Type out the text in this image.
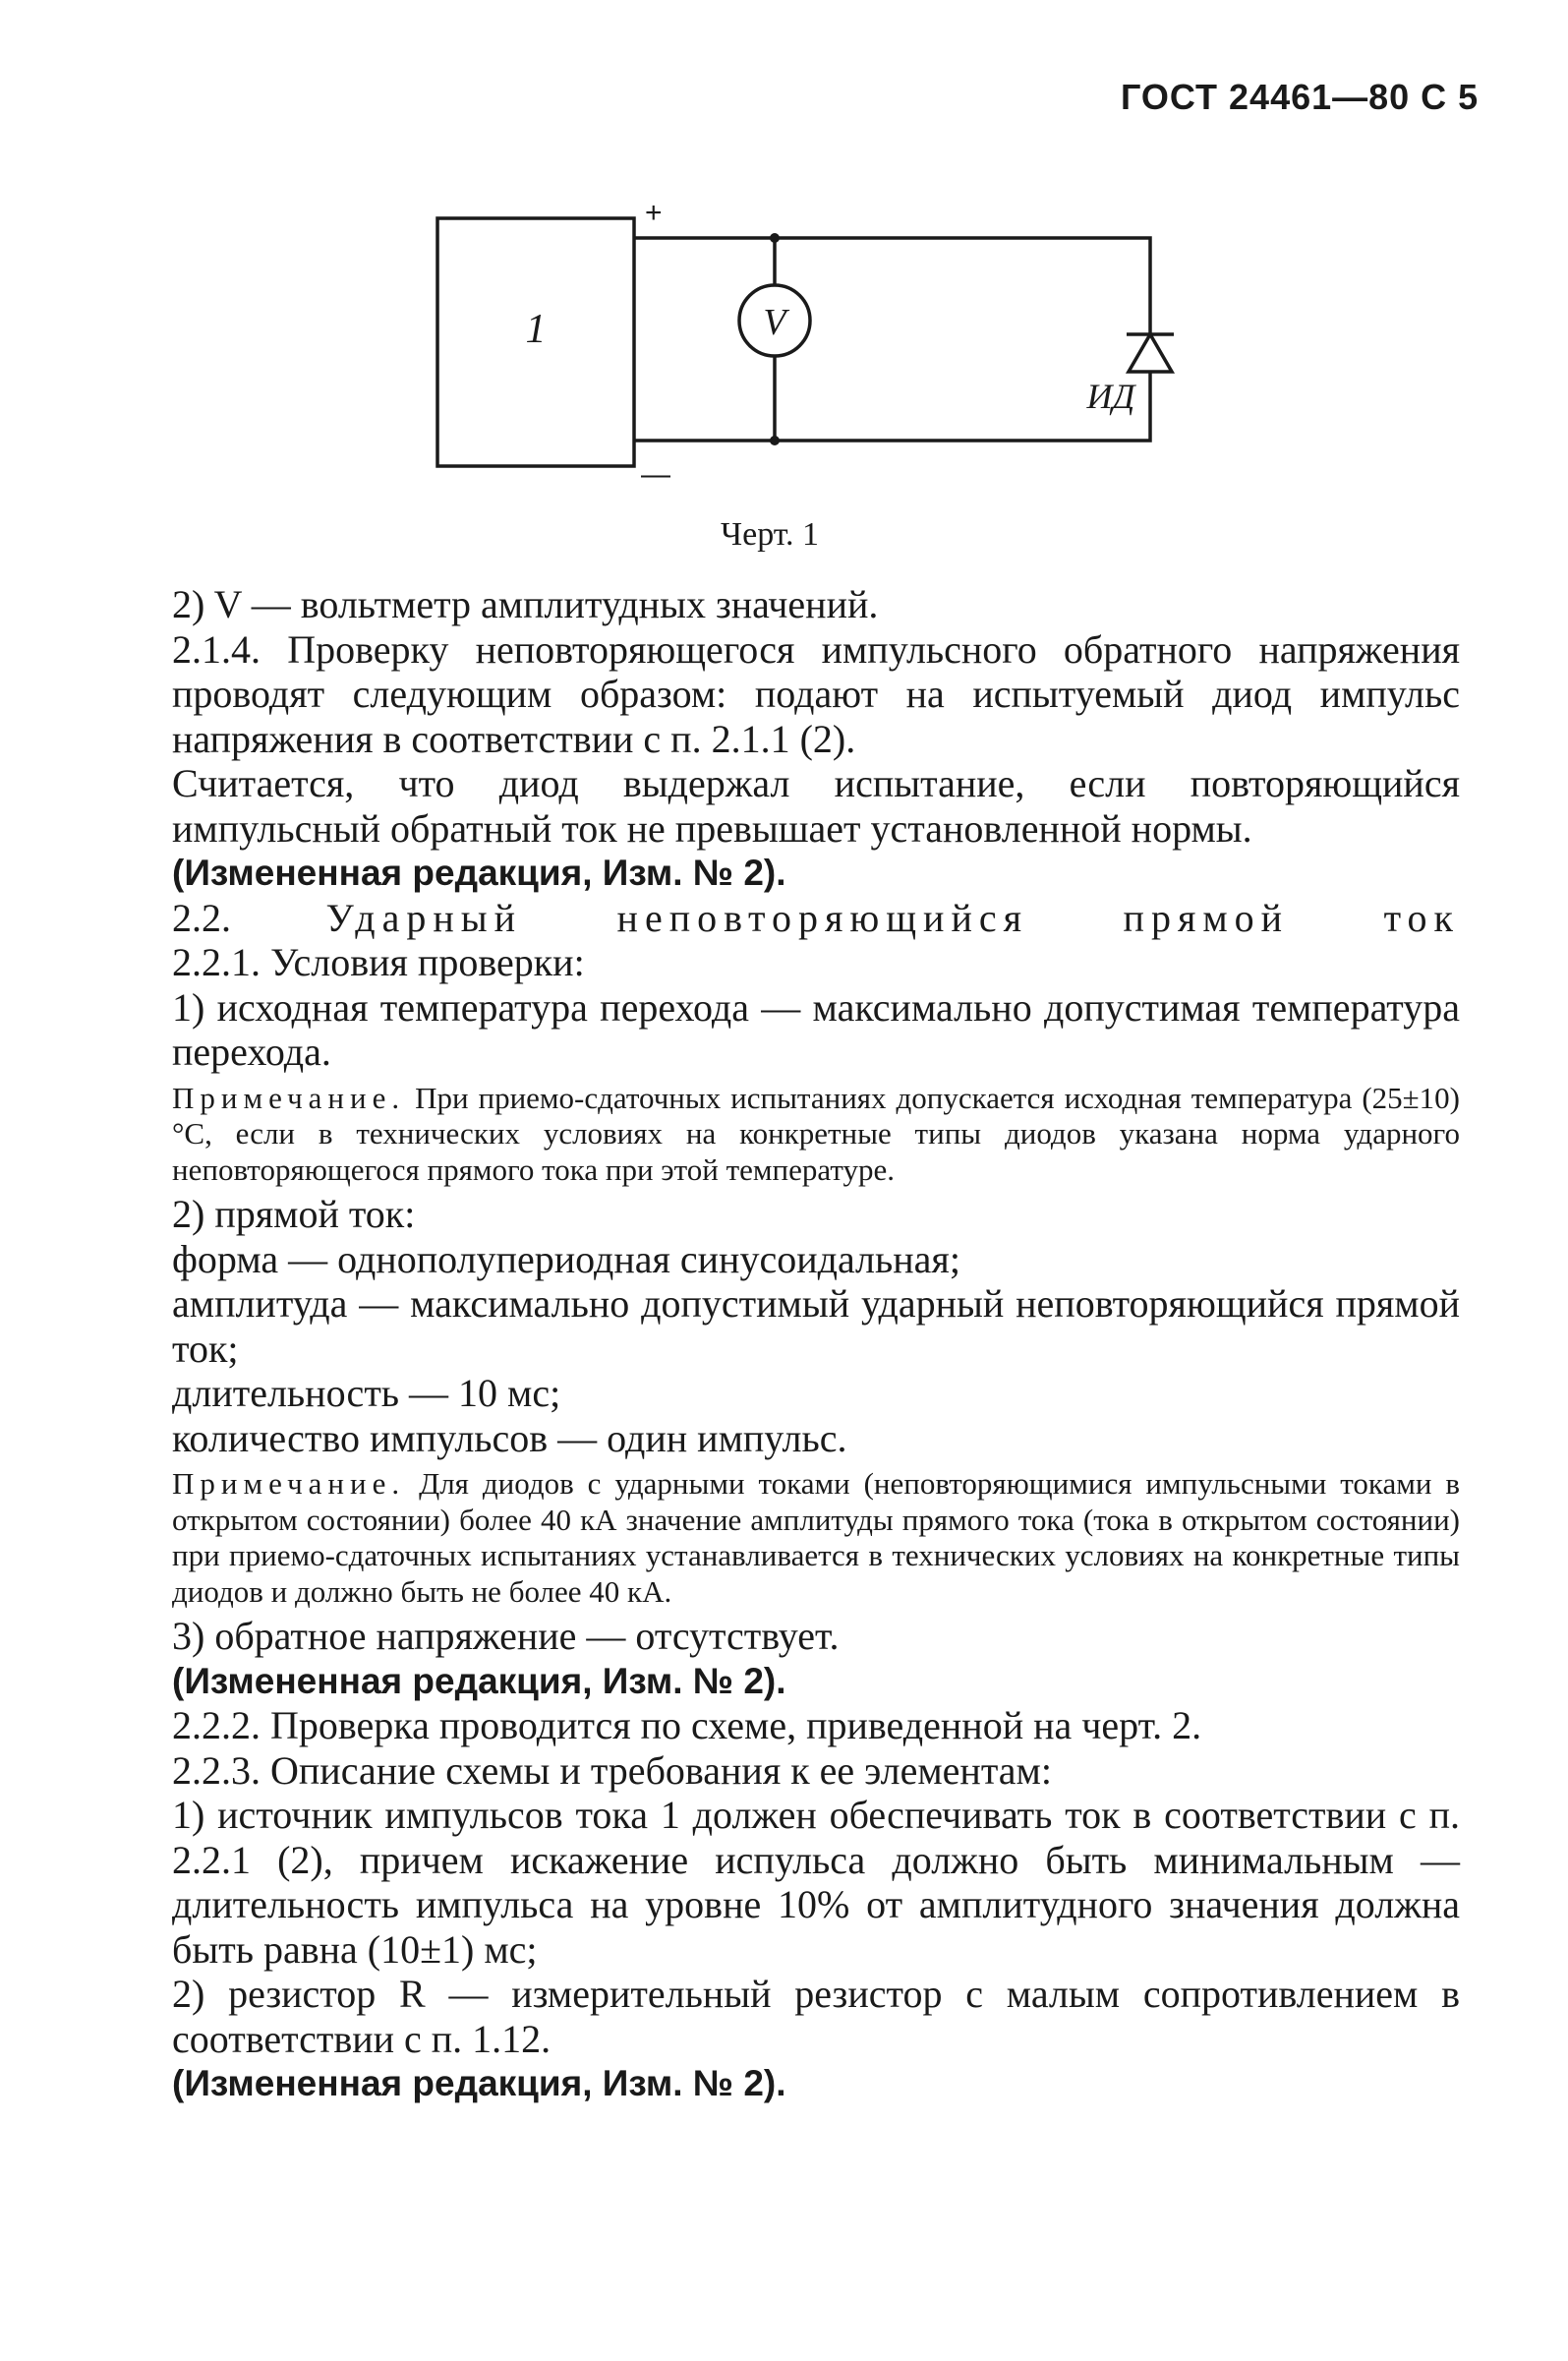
ГОСТ 24461—80 С 5
+
—
1	V
ИД
Черт. 1

2) V — вольтметр амплитудных значений.

2.1.4. Проверку неповторяющегося импульсного обратного напряжения проводят следующим образом: подают на испытуемый диод импульс напряжения в соответствии с п. 2.1.1 (2).

Считается, что диод выдержал испытание, если повторяющийся импульсный обратный ток не превышает установленной нормы.

(Измененная редакция, Изм. № 2).

2.2. Ударный неповторяющийся прямой ток

2.2.1. Условия проверки:

1) исходная температура перехода — максимально допустимая температура перехода.

Примечание. При приемо-сдаточных испытаниях допускается исходная температура (25±10)°С, если в технических условиях на конкретные типы диодов указана норма ударного неповторяющегося прямого тока при этой температуре.

2) прямой ток:

форма — однополупериодная синусоидальная;

амплитуда — максимально допустимый ударный неповторяющийся прямой ток;

длительность — 10 мс;

количество импульсов — один импульс.

Примечание. Для диодов с ударными токами (неповторяющимися импульсными токами в открытом состоянии) более 40 кА значение амплитуды прямого тока (тока в открытом состоянии) при приемо-сдаточных испытаниях устанавливается в технических условиях на конкретные типы диодов и должно быть не более 40 кА.

3) обратное напряжение — отсутствует.

(Измененная редакция, Изм. № 2).

2.2.2. Проверка проводится по схеме, приведенной на черт. 2.

2.2.3. Описание схемы и требования к ее элементам:

1) источник импульсов тока 1 должен обеспечивать ток в соответствии с п. 2.2.1 (2), причем искажение испульса должно быть минимальным — длительность импульса на уровне 10% от амплитудного значения должна быть равна (10±1) мс;

2) резистор R — измерительный резистор с малым сопротивлением в соответствии с п. 1.12.

(Измененная редакция, Изм. № 2).
